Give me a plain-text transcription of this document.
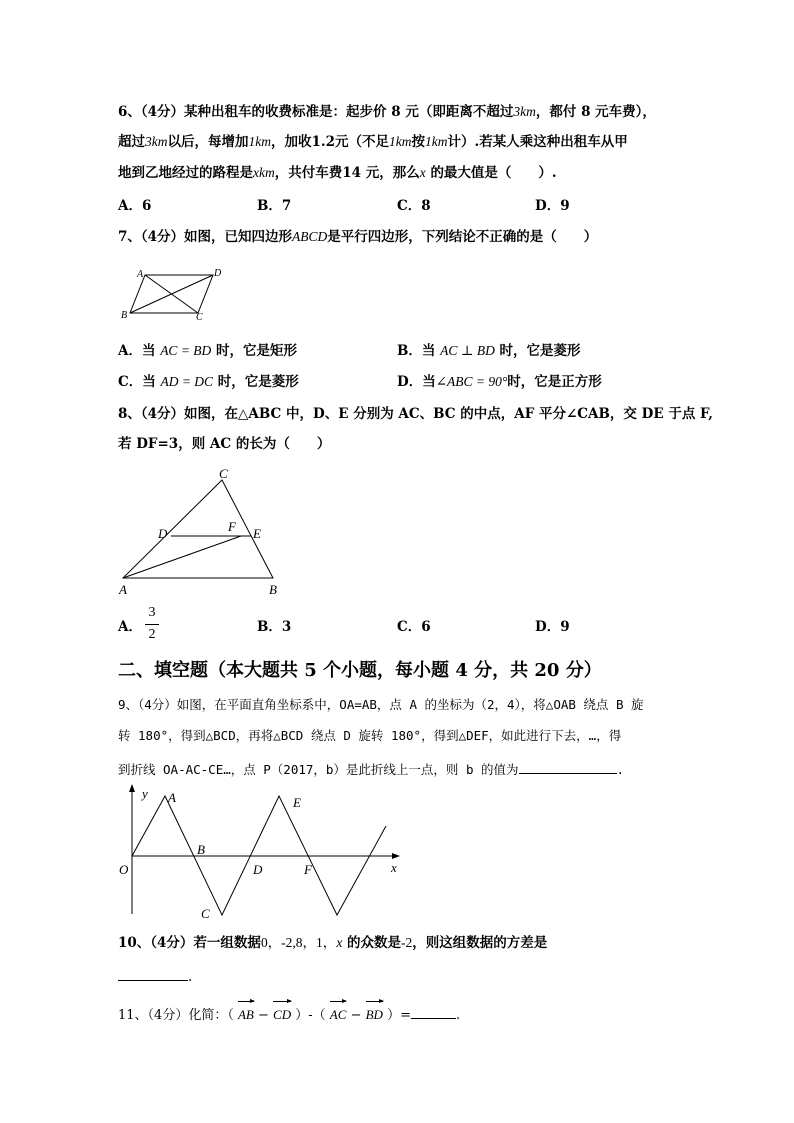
6、（4分）某种出租车的收费标准是：起步价 8 元（即距离不超过3km，都付 8 元车费），
超过3km以后，每增加1km，加收1.2元（不足1km按1km计）.若某人乘这种出租车从甲
地到乙地经过的路程是xkm，共付车费14 元，那么x 的最大值是（　　）.
A．6	B．7	C．8	D．9
7、（4分）如图，已知四边形ABCD是平行四边形，下列结论不正确的是（　　）
A	D
B	C
A．当 AC = BD 时，它是矩形	B．当 AC ⊥ BD 时，它是菱形
C．当 AD = DC 时，它是菱形	D．当∠ABC = 90°时，它是正方形
8、（4分）如图，在△ABC 中，D、E 分别为 AC、BC 的中点，AF 平分∠CAB，交 DE 于点 F,
若 DF=3，则 AC 的长为（　　）
C
D	F E
A	B
A．
3
2	B．3	C．6	D．9
二、填空题（本大题共 5 个小题，每小题 4 分，共 20 分）
9、（4分）如图，在平面直角坐标系中，OA=AB，点 A 的坐标为（2，4），将△OAB 绕点 B 旋
转 180°，得到△BCD，再将△BCD 绕点 D 旋转 180°，得到△DEF，如此进行下去，…，得
到折线 OA-AC-CE…，点 P（2017，b）是此折线上一点，则 b 的值为	.
y A	E
B
O	D	F	x
C
10、（4分）若一组数据0，-2,8，1，x 的众数是-2，则这组数据的方差是
.
11、（4分）化简：（ AB − CD ）-（ AC − BD ）=	.
